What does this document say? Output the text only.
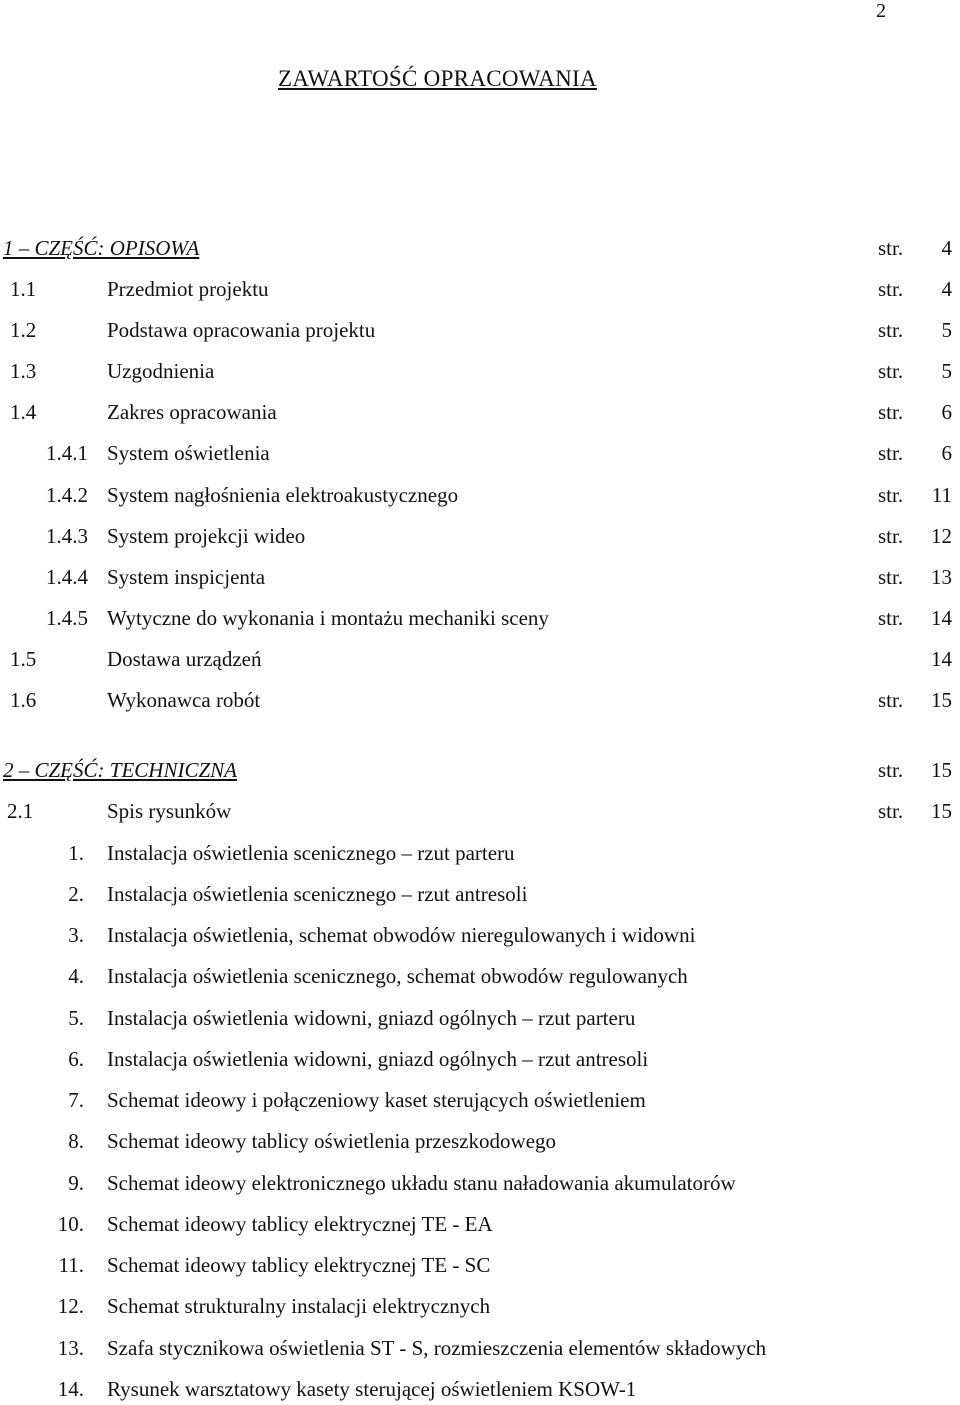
2
ZAWARTOŚĆ OPRACOWANIA
1 – CZĘŚĆ: OPISOWA	str. 4
1.1	Przedmiot projektu	str. 4
1.2	Podstawa opracowania projektu	str. 5
1.3	Uzgodnienia	str. 5
1.4	Zakres opracowania	str. 6
1.4.1 System oświetlenia	str. 6
1.4.2 System nagłośnienia elektroakustycznego	str. 11
1.4.3 System projekcji wideo	str. 12
1.4.4 System inspicjenta	str. 13
1.4.5 Wytyczne do wykonania i montażu mechaniki sceny	str. 14
1.5	Dostawa urządzeń	14
1.6	Wykonawca robót	str. 15
2 – CZĘŚĆ: TECHNICZNA	str. 15
2.1	Spis rysunków	str. 15
1. Instalacja oświetlenia scenicznego – rzut parteru
2. Instalacja oświetlenia scenicznego – rzut antresoli
3. Instalacja oświetlenia, schemat obwodów nieregulowanych i widowni
4. Instalacja oświetlenia scenicznego, schemat obwodów regulowanych
5. Instalacja oświetlenia widowni, gniazd ogólnych – rzut parteru
6. Instalacja oświetlenia widowni, gniazd ogólnych – rzut antresoli
7. Schemat ideowy i połączeniowy kaset sterujących oświetleniem
8. Schemat ideowy tablicy oświetlenia przeszkodowego
9. Schemat ideowy elektronicznego układu stanu naładowania akumulatorów
10. Schemat ideowy tablicy elektrycznej TE - EA
11. Schemat ideowy tablicy elektrycznej TE - SC
12. Schemat strukturalny instalacji elektrycznych
13. Szafa stycznikowa oświetlenia ST - S, rozmieszczenia elementów składowych
14. Rysunek warsztatowy kasety sterującej oświetleniem KSOW-1
